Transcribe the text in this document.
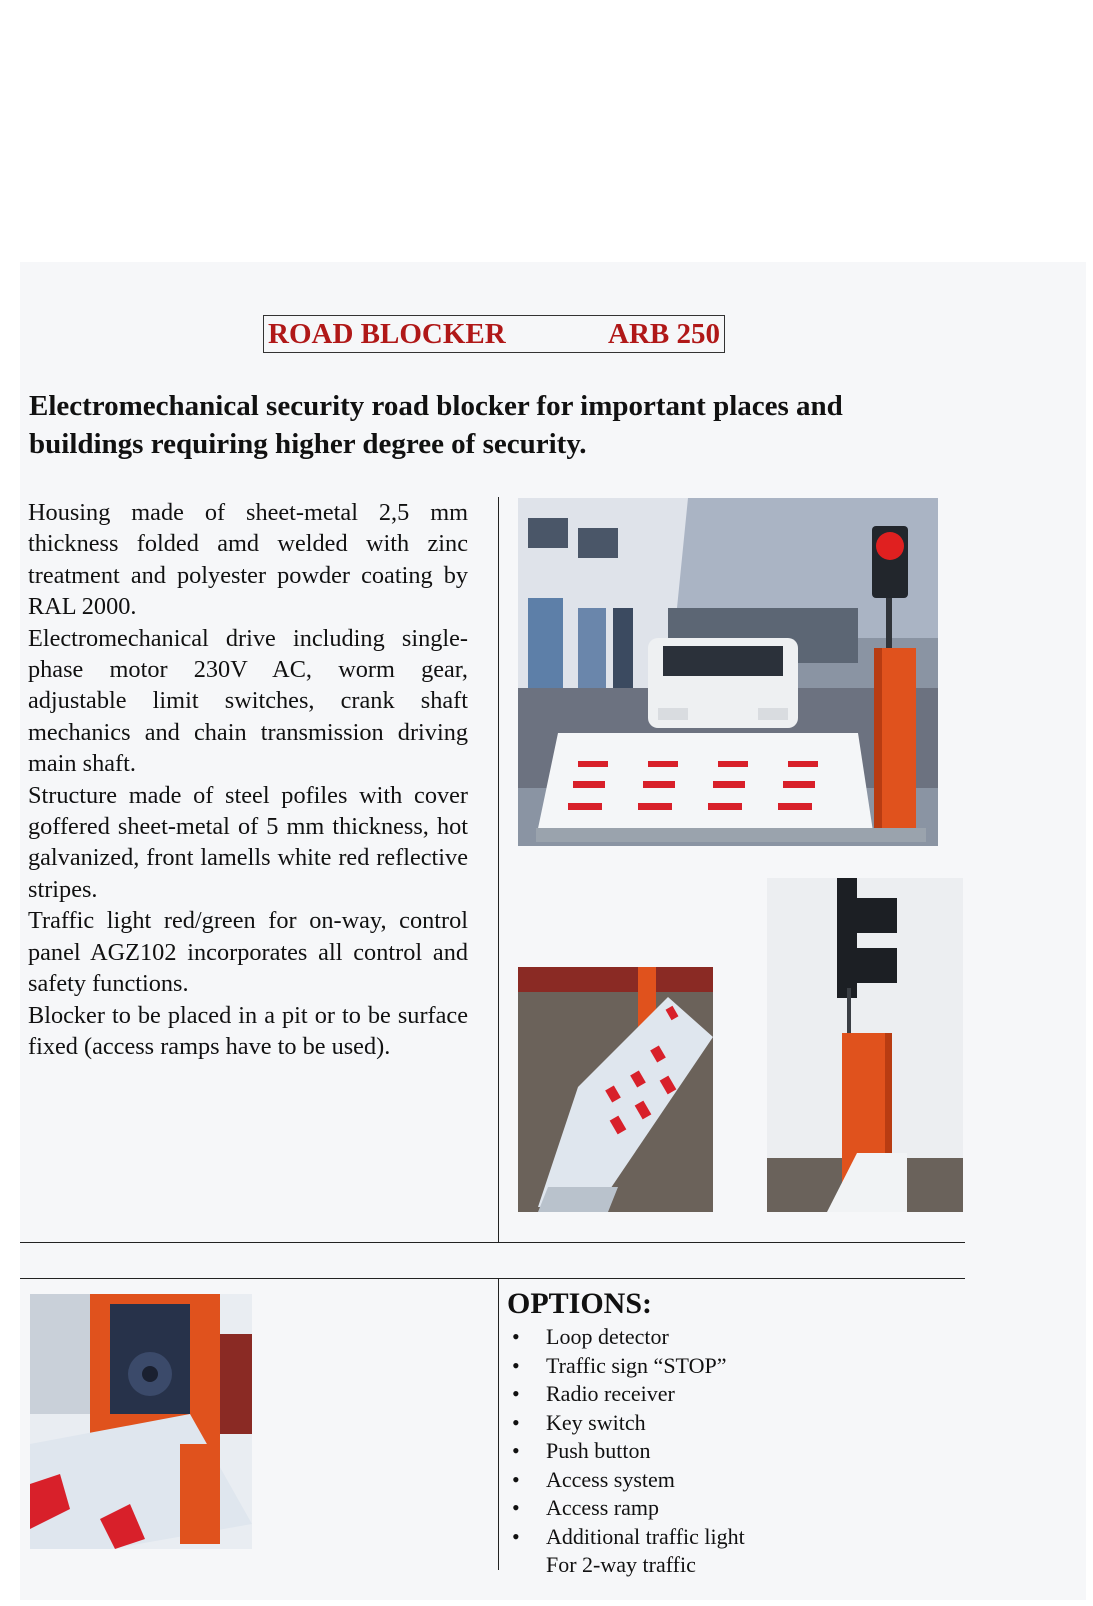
ROAD BLOCKER	ARB 250
Electromechanical security road blocker for important places and buildings requiring higher degree of security.

Housing made of sheet-metal 2,5 mm thickness folded amd welded with zinc treatment and polyester powder coating by RAL 2000.

Electromechanical drive including single-phase motor 230V AC, worm gear, adjustable limit switches, crank shaft mechanics and chain transmission driving main shaft.

Structure made of steel pofiles with cover goffered sheet-metal of 5 mm thickness, hot galvanized, front lamells white red reflective stripes.

Traffic light red/green for on-way, control panel AGZ102 incorporates all control and safety functions.

Blocker to be placed in a pit or to be surface fixed (access ramps have to be used).

OPTIONS:
• Loop detector
• Traffic sign “STOP”
• Radio receiver
• Key switch
• Push button
• Access system
• Access ramp
• Additional traffic light
For 2-way traffic
